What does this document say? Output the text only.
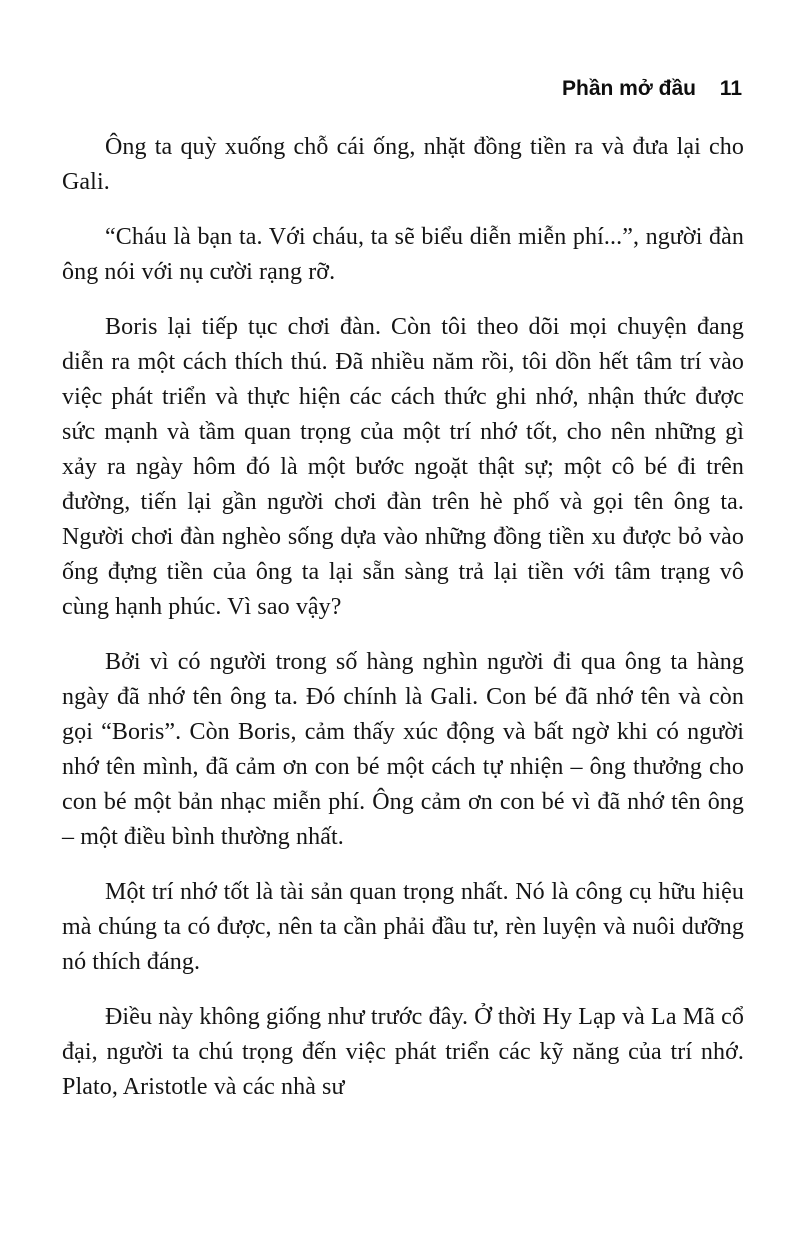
Phần mở đầu 11

Ông ta quỳ xuống chỗ cái ống, nhặt đồng tiền ra và đưa lại cho Gali.

“Cháu là bạn ta. Với cháu, ta sẽ biểu diễn miễn phí...”, người đàn ông nói với nụ cười rạng rỡ.

Boris lại tiếp tục chơi đàn. Còn tôi theo dõi mọi chuyện đang diễn ra một cách thích thú. Đã nhiều năm rồi, tôi dồn hết tâm trí vào việc phát triển và thực hiện các cách thức ghi nhớ, nhận thức được sức mạnh và tầm quan trọng của một trí nhớ tốt, cho nên những gì xảy ra ngày hôm đó là một bước ngoặt thật sự; một cô bé đi trên đường, tiến lại gần người chơi đàn trên hè phố và gọi tên ông ta. Người chơi đàn nghèo sống dựa vào những đồng tiền xu được bỏ vào ống đựng tiền của ông ta lại sẵn sàng trả lại tiền với tâm trạng vô cùng hạnh phúc. Vì sao vậy?

Bởi vì có người trong số hàng nghìn người đi qua ông ta hàng ngày đã nhớ tên ông ta. Đó chính là Gali. Con bé đã nhớ tên và còn gọi “Boris”. Còn Boris, cảm thấy xúc động và bất ngờ khi có người nhớ tên mình, đã cảm ơn con bé một cách tự nhiện – ông thưởng cho con bé một bản nhạc miễn phí. Ông cảm ơn con bé vì đã nhớ tên ông – một điều bình thường nhất.

Một trí nhớ tốt là tài sản quan trọng nhất. Nó là công cụ hữu hiệu mà chúng ta có được, nên ta cần phải đầu tư, rèn luyện và nuôi dưỡng nó thích đáng.

Điều này không giống như trước đây. Ở thời Hy Lạp và La Mã cổ đại, người ta chú trọng đến việc phát triển các kỹ năng của trí nhớ. Plato, Aristotle và các nhà sư
